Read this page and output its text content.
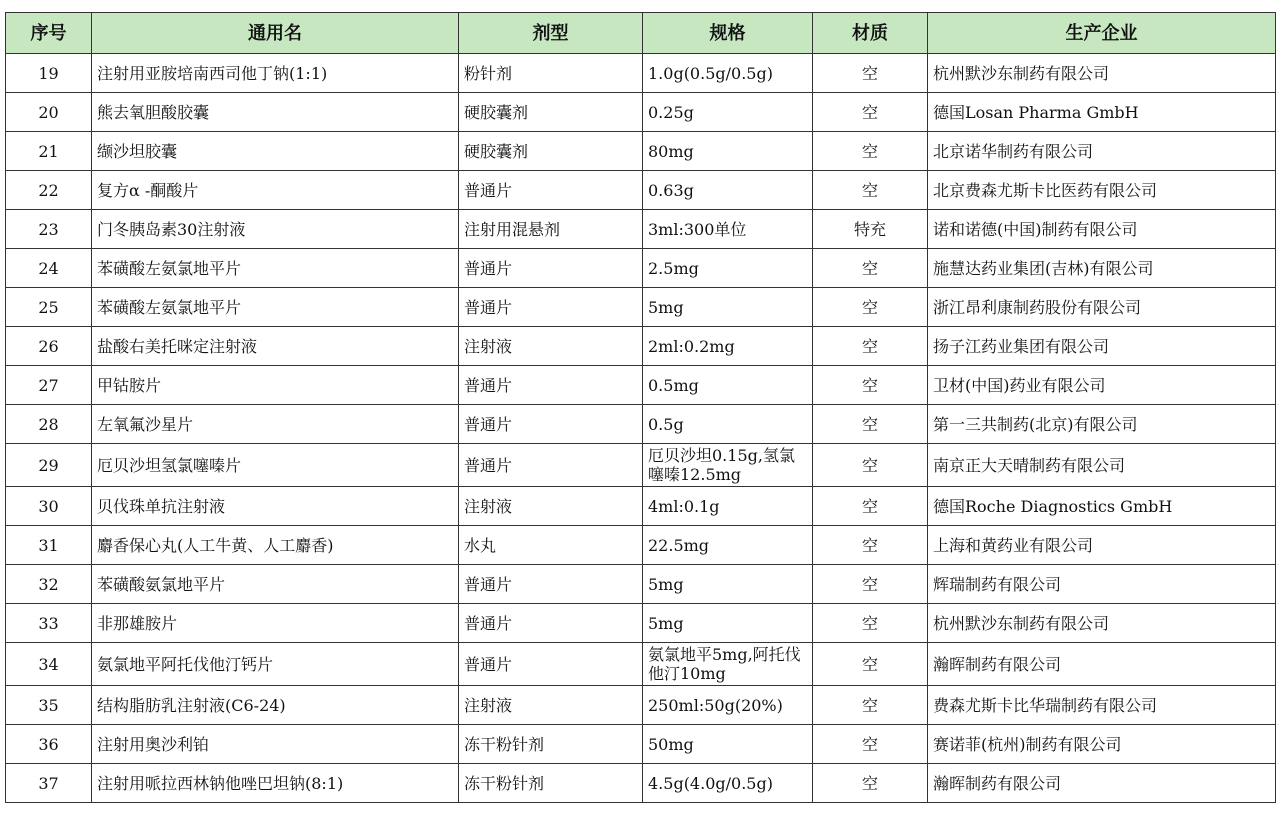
序号	通用名	剂型	规格	材质	生产企业
19	注射用亚胺培南西司他丁钠(1:1)	粉针剂	1.0g(0.5g/0.5g)	空	杭州默沙东制药有限公司
20	熊去氧胆酸胶囊	硬胶囊剂	0.25g	空	德国Losan Pharma GmbH
21	缬沙坦胶囊	硬胶囊剂	80mg	空	北京诺华制药有限公司
22	复方α -酮酸片	普通片	0.63g	空	北京费森尤斯卡比医药有限公司
23	门冬胰岛素30注射液	注射用混悬剂	3ml:300单位	特充	诺和诺德(中国)制药有限公司
24	苯磺酸左氨氯地平片	普通片	2.5mg	空	施慧达药业集团(吉林)有限公司
25	苯磺酸左氨氯地平片	普通片	5mg	空	浙江昂利康制药股份有限公司
26	盐酸右美托咪定注射液	注射液	2ml:0.2mg	空	扬子江药业集团有限公司
27	甲钴胺片	普通片	0.5mg	空	卫材(中国)药业有限公司
28	左氧氟沙星片	普通片	0.5g	空	第一三共制药(北京)有限公司
29	厄贝沙坦氢氯噻嗪片	普通片	厄贝沙坦0.15g,氢氯噻嗪12.5mg	空	南京正大天晴制药有限公司
30	贝伐珠单抗注射液	注射液	4ml:0.1g	空	德国Roche Diagnostics GmbH
31	麝香保心丸(人工牛黄、人工麝香)	水丸	22.5mg	空	上海和黄药业有限公司
32	苯磺酸氨氯地平片	普通片	5mg	空	辉瑞制药有限公司
33	非那雄胺片	普通片	5mg	空	杭州默沙东制药有限公司
34	氨氯地平阿托伐他汀钙片	普通片	氨氯地平5mg,阿托伐他汀10mg	空	瀚晖制药有限公司
35	结构脂肪乳注射液(C6-24)	注射液	250ml:50g(20%)	空	费森尤斯卡比华瑞制药有限公司
36	注射用奥沙利铂	冻干粉针剂	50mg	空	赛诺菲(杭州)制药有限公司
37	注射用哌拉西林钠他唑巴坦钠(8:1)	冻干粉针剂	4.5g(4.0g/0.5g)	空	瀚晖制药有限公司
